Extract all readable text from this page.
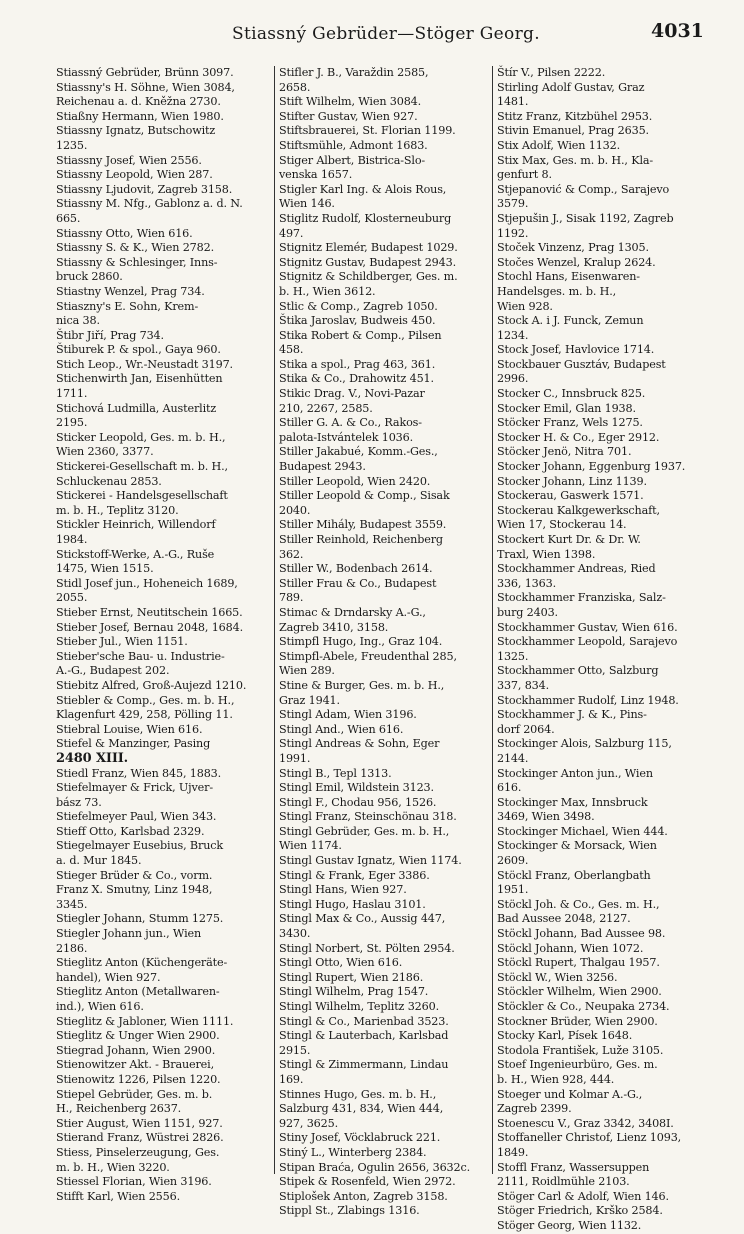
Stiassný Gebrüder—Stöger Georg.	4031
Stiassný Gebrüder, Brünn 3097.
Stiassny's H. Söhne, Wien 3084,
Reichenau a. d. Kněžna 2730.
Stiaßny Hermann, Wien 1980.
Stiassny Ignatz, Butschowitz
1235.
Stiassny Josef, Wien 2556.
Stiassny Leopold, Wien 287.
Stiassny Ljudovit, Zagreb 3158.
Stiassny M. Nfg., Gablonz a. d. N.
665.
Stiassny Otto, Wien 616.
Stiassny S. & K., Wien 2782.
Stiassny & Schlesinger, Inns-
bruck 2860.
Stiastny Wenzel, Prag 734.
Stiaszny's E. Sohn, Krem-
nica 38.
Štibr Jiří, Prag 734.
Štiburek P. & spol., Gaya 960.
Stich Leop., Wr.-Neustadt 3197.
Stichenwirth Jan, Eisenhütten
1711.
Stichová Ludmilla, Austerlitz
2195.
Sticker Leopold, Ges. m. b. H.,
Wien 2360, 3377.
Stickerei-Gesellschaft m. b. H.,
Schluckenau 2853.
Stickerei - Handelsgesellschaft
m. b. H., Teplitz 3120.
Stickler Heinrich, Willendorf
1984.
Stickstoff-Werke, A.-G., Ruše
1475, Wien 1515.
Stidl Josef jun., Hoheneich 1689,
2055.
Stieber Ernst, Neutitschein 1665.
Stieber Josef, Bernau 2048, 1684.
Stieber Jul., Wien 1151.
Stieber'sche Bau- u. Industrie-
A.-G., Budapest 202.
Stiebitz Alfred, Groß-Aujezd 1210.
Stiebler & Comp., Ges. m. b. H.,
Klagenfurt 429, 258, Pölling 11.
Stiebral Louise, Wien 616.
Stiefel & Manzinger, Pasing
2480 XIII.
Stiedl Franz, Wien 845, 1883.
Stiefelmayer & Frick, Ujver-
bász 73.
Stiefelmeyer Paul, Wien 343.
Stieff Otto, Karlsbad 2329.
Stiegelmayer Eusebius, Bruck
a. d. Mur 1845.
Stieger Brüder & Co., vorm.
Franz X. Smutny, Linz 1948,
3345.
Stiegler Johann, Stumm 1275.
Stiegler Johann jun., Wien
2186.
Stieglitz Anton (Küchengeräte-
handel), Wien 927.
Stieglitz Anton (Metallwaren-
ind.), Wien 616.
Stieglitz & Jabloner, Wien 1111.
Stieglitz & Unger Wien 2900.
Stiegrad Johann, Wien 2900.
Stienowitzer Akt. - Brauerei,
Stienowitz 1226, Pilsen 1220.
Stiepel Gebrüder, Ges. m. b.
H., Reichenberg 2637.
Stier August, Wien 1151, 927.
Stierand Franz, Wüstrei 2826.
Stiess, Pinselerzeugung, Ges.
m. b. H., Wien 3220.
Stiessel Florian, Wien 3196.
Stifft Karl, Wien 2556.
Stifler J. B., Varaždin 2585,
2658.
Stift Wilhelm, Wien 3084.
Stifter Gustav, Wien 927.
Stiftsbrauerei, St. Florian 1199.
Stiftsmühle, Admont 1683.
Stiger Albert, Bistrica-Slo-
venska 1657.
Stigler Karl Ing. & Alois Rous,
Wien 146.
Stiglitz Rudolf, Klosterneuburg
497.
Stignitz Elemér, Budapest 1029.
Stignitz Gustav, Budapest 2943.
Stignitz & Schildberger, Ges. m.
b. H., Wien 3612.
Stlic & Comp., Zagreb 1050.
Štika Jaroslav, Budweis 450.
Stika Robert & Comp., Pilsen
458.
Stika a spol., Prag 463, 361.
Stika & Co., Drahowitz 451.
Stikic Drag. V., Novi-Pazar
210, 2267, 2585.
Stiller G. A. & Co., Rakos-
palota-Istvántelek 1036.
Stiller Jakabué, Komm.-Ges.,
Budapest 2943.
Stiller Leopold, Wien 2420.
Stiller Leopold & Comp., Sisak
2040.
Stiller Mihály, Budapest 3559.
Stiller Reinhold, Reichenberg
362.
Stiller W., Bodenbach 2614.
Stiller Frau & Co., Budapest
789.
Stimac & Drndarsky A.-G.,
Zagreb 3410, 3158.
Stimpfl Hugo, Ing., Graz 104.
Stimpfl-Abele, Freudenthal 285,
Wien 289.
Stine & Burger, Ges. m. b. H.,
Graz 1941.
Stingl Adam, Wien 3196.
Stingl And., Wien 616.
Stingl Andreas & Sohn, Eger
1991.
Stingl B., Tepl 1313.
Stingl Emil, Wildstein 3123.
Stingl F., Chodau 956, 1526.
Stingl Franz, Steinschönau 318.
Stingl Gebrüder, Ges. m. b. H.,
Wien 1174.
Stingl Gustav Ignatz, Wien 1174.
Stingl & Frank, Eger 3386.
Stingl Hans, Wien 927.
Stingl Hugo, Haslau 3101.
Stingl Max & Co., Aussig 447,
3430.
Stingl Norbert, St. Pölten 2954.
Stingl Otto, Wien 616.
Stingl Rupert, Wien 2186.
Stingl Wilhelm, Prag 1547.
Stingl Wilhelm, Teplitz 3260.
Stingl & Co., Marienbad 3523.
Stingl & Lauterbach, Karlsbad
2915.
Stingl & Zimmermann, Lindau
169.
Stinnes Hugo, Ges. m. b. H.,
Salzburg 431, 834, Wien 444,
927, 3625.
Stiny Josef, Vöcklabruck 221.
Stiný L., Winterberg 2384.
Stipan Braća, Ogulin 2656, 3632c.
Stipek & Rosenfeld, Wien 2972.
Stiplošek Anton, Zagreb 3158.
Stippl St., Zlabings 1316.
Štír V., Pilsen 2222.
Stirling Adolf Gustav, Graz
1481.
Stitz Franz, Kitzbühel 2953.
Stivin Emanuel, Prag 2635.
Stix Adolf, Wien 1132.
Stix Max, Ges. m. b. H., Kla-
genfurt 8.
Stjepanović & Comp., Sarajevo
3579.
Stjepušin J., Sisak 1192, Zagreb
1192.
Stoček Vinzenz, Prag 1305.
Stočes Wenzel, Kralup 2624.
Stochl Hans, Eisenwaren-
Handelsges. m. b. H.,
Wien 928.
Stock A. i J. Funck, Zemun
1234.
Stock Josef, Havlovice 1714.
Stockbauer Gusztáv, Budapest
2996.
Stocker C., Innsbruck 825.
Stocker Emil, Glan 1938.
Stöcker Franz, Wels 1275.
Stocker H. & Co., Eger 2912.
Stöcker Jenö, Nitra 701.
Stocker Johann, Eggenburg 1937.
Stocker Johann, Linz 1139.
Stockerau, Gaswerk 1571.
Stockerau Kalkgewerkschaft,
Wien 17, Stockerau 14.
Stockert Kurt Dr. & Dr. W.
Traxl, Wien 1398.
Stockhammer Andreas, Ried
336, 1363.
Stockhammer Franziska, Salz-
burg 2403.
Stockhammer Gustav, Wien 616.
Stockhammer Leopold, Sarajevo
1325.
Stockhammer Otto, Salzburg
337, 834.
Stockhammer Rudolf, Linz 1948.
Stockhammer J. & K., Pins-
dorf 2064.
Stockinger Alois, Salzburg 115,
2144.
Stockinger Anton jun., Wien
616.
Stockinger Max, Innsbruck
3469, Wien 3498.
Stockinger Michael, Wien 444.
Stockinger & Morsack, Wien
2609.
Stöckl Franz, Oberlangbath
1951.
Stöckl Joh. & Co., Ges. m. H.,
Bad Aussee 2048, 2127.
Stöckl Johann, Bad Aussee 98.
Stöckl Johann, Wien 1072.
Stöckl Rupert, Thalgau 1957.
Stöckl W., Wien 3256.
Stöckler Wilhelm, Wien 2900.
Stöckler & Co., Neupaka 2734.
Stockner Brüder, Wien 2900.
Stocky Karl, Písek 1648.
Stodola František, Luže 3105.
Stoef Ingenieurbüro, Ges. m.
b. H., Wien 928, 444.
Stoeger und Kolmar A.-G.,
Zagreb 2399.
Stoenescu V., Graz 3342, 3408I.
Stoffaneller Christof, Lienz 1093,
1849.
Stoffl Franz, Wassersuppen
2111, Roidlmühle 2103.
Stöger Carl & Adolf, Wien 146.
Stöger Friedrich, Krško 2584.
Stöger Georg, Wien 1132.
